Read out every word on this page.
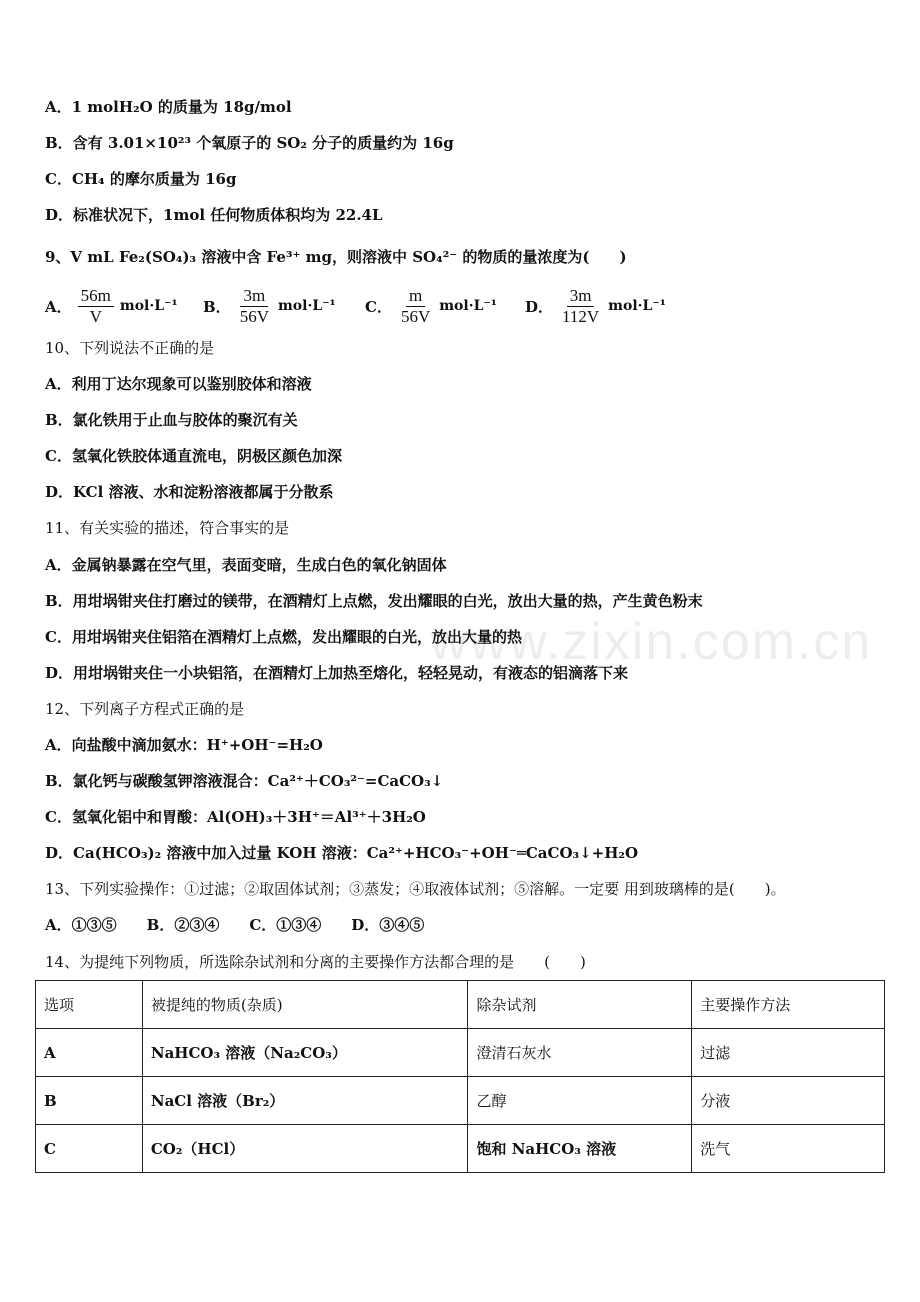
www.zixin.com.cn
A．1 molH₂O 的质量为 18g/mol
B．含有 3.01×10²³ 个氧原子的 SO₂ 分子的质量约为 16g
C．CH₄ 的摩尔质量为 16g
D．标准状况下，1mol 任何物质体积均为 22.4L
9、V mL Fe₂(SO₄)₃ 溶液中含 Fe³⁺ mg，则溶液中 SO₄²⁻ 的物质的量浓度为(　　)
A． $\frac{56m}{V} mol\cdot L^{-1}$ B． $\frac{3m}{56V} mol\cdot L^{-1}$ C． $\frac{m}{56V} mol\cdot L^{-1}$ D． $\frac{3m}{112V} mol\cdot L^{-1}$
10、下列说法不正确的是
A．利用丁达尔现象可以鉴别胶体和溶液
B．氯化铁用于止血与胶体的聚沉有关
C．氢氧化铁胶体通直流电，阴极区颜色加深
D．KCl 溶液、水和淀粉溶液都属于分散系
11、有关实验的描述，符合事实的是
A．金属钠暴露在空气里，表面变暗，生成白色的氧化钠固体
B．用坩埚钳夹住打磨过的镁带，在酒精灯上点燃，发出耀眼的白光，放出大量的热，产生黄色粉末
C．用坩埚钳夹住铝箔在酒精灯上点燃，发出耀眼的白光，放出大量的热
D．用坩埚钳夹住一小块铝箔，在酒精灯上加热至熔化，轻轻晃动，有液态的铝滴落下来
12、下列离子方程式正确的是
A．向盐酸中滴加氨水：H⁺+OH⁻=H₂O
B．氯化钙与碳酸氢钾溶液混合：Ca²⁺＋CO₃²⁻=CaCO₃↓
C．氢氧化铝中和胃酸：Al(OH)₃＋3H⁺＝Al³⁺＋3H₂O
D．Ca(HCO₃)₂ 溶液中加入过量 KOH 溶液：Ca²⁺+HCO₃⁻+OH⁻═CaCO₃↓+H₂O
13、下列实验操作：①过滤；②取固体试剂；③蒸发；④取液体试剂；⑤溶解。一定要 用到玻璃棒的是(　　)。
A．①③⑤　　B．②③④　　C．①③④　　D．③④⑤
14、为提纯下列物质，所选除杂试剂和分离的主要操作方法都合理的是　　(　　)
选项	被提纯的物质(杂质)	除杂试剂	主要操作方法
A	NaHCO₃ 溶液（Na₂CO₃）	澄清石灰水	过滤
B	NaCl 溶液（Br₂）	乙醇	分液
C	CO₂（HCl）	饱和 NaHCO₃ 溶液	洗气
